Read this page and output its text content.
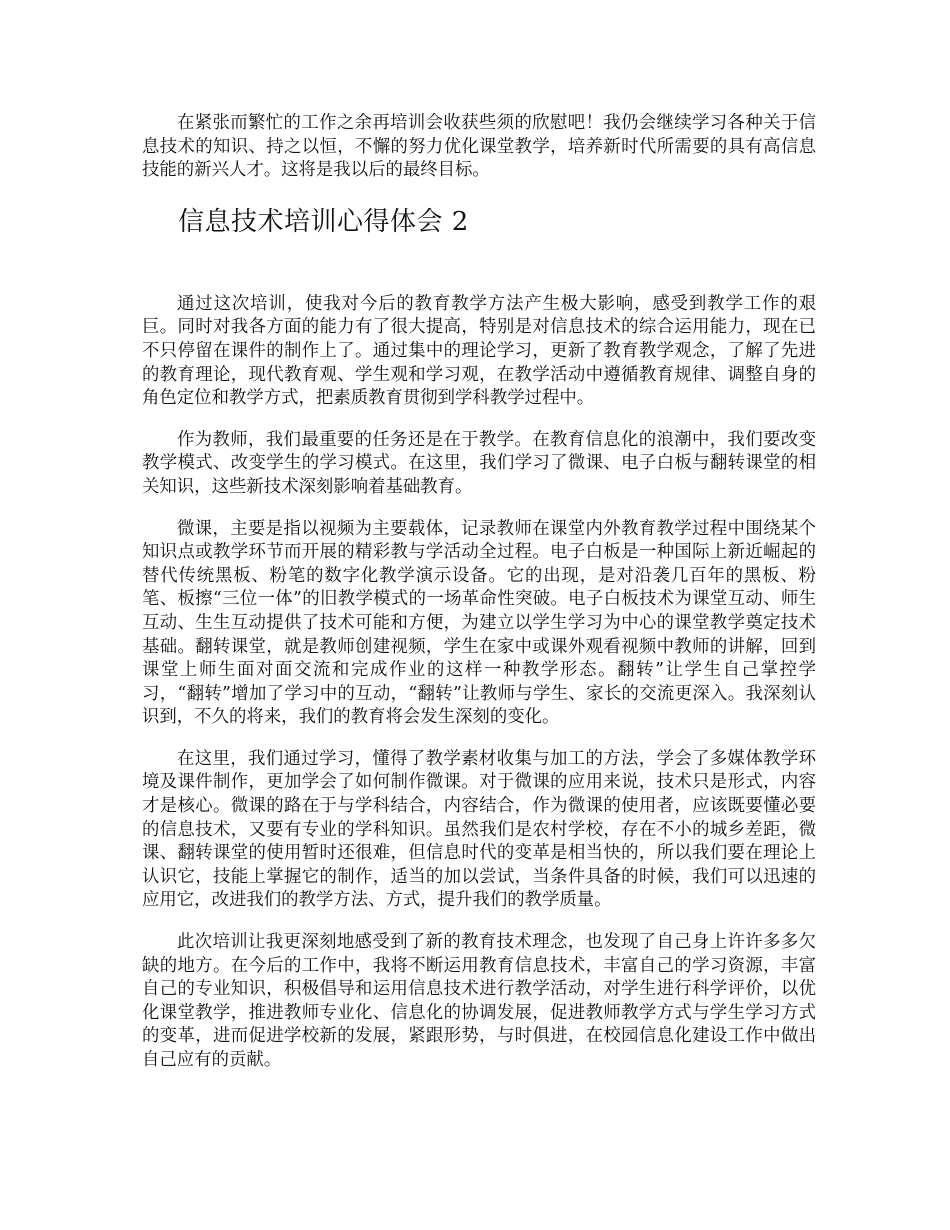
在紧张而繁忙的工作之余再培训会收获些须的欣慰吧！我仍会继续学习各种关于信息技术的知识、持之以恒，不懈的努力优化课堂教学，培养新时代所需要的具有高信息技能的新兴人才。这将是我以后的最终目标。

信息技术培训心得体会 2

通过这次培训，使我对今后的教育教学方法产生极大影响，感受到教学工作的艰巨。同时对我各方面的能力有了很大提高，特别是对信息技术的综合运用能力，现在已不只停留在课件的制作上了。通过集中的理论学习，更新了教育教学观念，了解了先进的教育理论，现代教育观、学生观和学习观，在教学活动中遵循教育规律、调整自身的角色定位和教学方式，把素质教育贯彻到学科教学过程中。

作为教师，我们最重要的任务还是在于教学。在教育信息化的浪潮中，我们要改变教学模式、改变学生的学习模式。在这里，我们学习了微课、电子白板与翻转课堂的相关知识，这些新技术深刻影响着基础教育。

微课，主要是指以视频为主要载体，记录教师在课堂内外教育教学过程中围绕某个知识点或教学环节而开展的精彩教与学活动全过程。电子白板是一种国际上新近崛起的替代传统黑板、粉笔的数字化教学演示设备。它的出现，是对沿袭几百年的黑板、粉笔、板擦“三位一体”的旧教学模式的一场革命性突破。电子白板技术为课堂互动、师生互动、生生互动提供了技术可能和方便，为建立以学生学习为中心的课堂教学奠定技术基础。翻转课堂，就是教师创建视频，学生在家中或课外观看视频中教师的讲解，回到课堂上师生面对面交流和完成作业的这样一种教学形态。翻转”让学生自己掌控学习，“翻转”增加了学习中的互动，“翻转”让教师与学生、家长的交流更深入。我深刻认识到，不久的将来，我们的教育将会发生深刻的变化。

在这里，我们通过学习，懂得了教学素材收集与加工的方法，学会了多媒体教学环境及课件制作，更加学会了如何制作微课。对于微课的应用来说，技术只是形式，内容才是核心。微课的路在于与学科结合，内容结合，作为微课的使用者，应该既要懂必要的信息技术，又要有专业的学科知识。虽然我们是农村学校，存在不小的城乡差距，微课、翻转课堂的使用暂时还很难，但信息时代的变革是相当快的，所以我们要在理论上认识它，技能上掌握它的制作，适当的加以尝试，当条件具备的时候，我们可以迅速的应用它，改进我们的教学方法、方式，提升我们的教学质量。

此次培训让我更深刻地感受到了新的教育技术理念，也发现了自己身上许许多多欠缺的地方。在今后的工作中，我将不断运用教育信息技术，丰富自己的学习资源，丰富自己的专业知识，积极倡导和运用信息技术进行教学活动，对学生进行科学评价，以优化课堂教学，推进教师专业化、信息化的协调发展，促进教师教学方式与学生学习方式的变革，进而促进学校新的发展，紧跟形势，与时俱进，在校园信息化建设工作中做出自己应有的贡献。
